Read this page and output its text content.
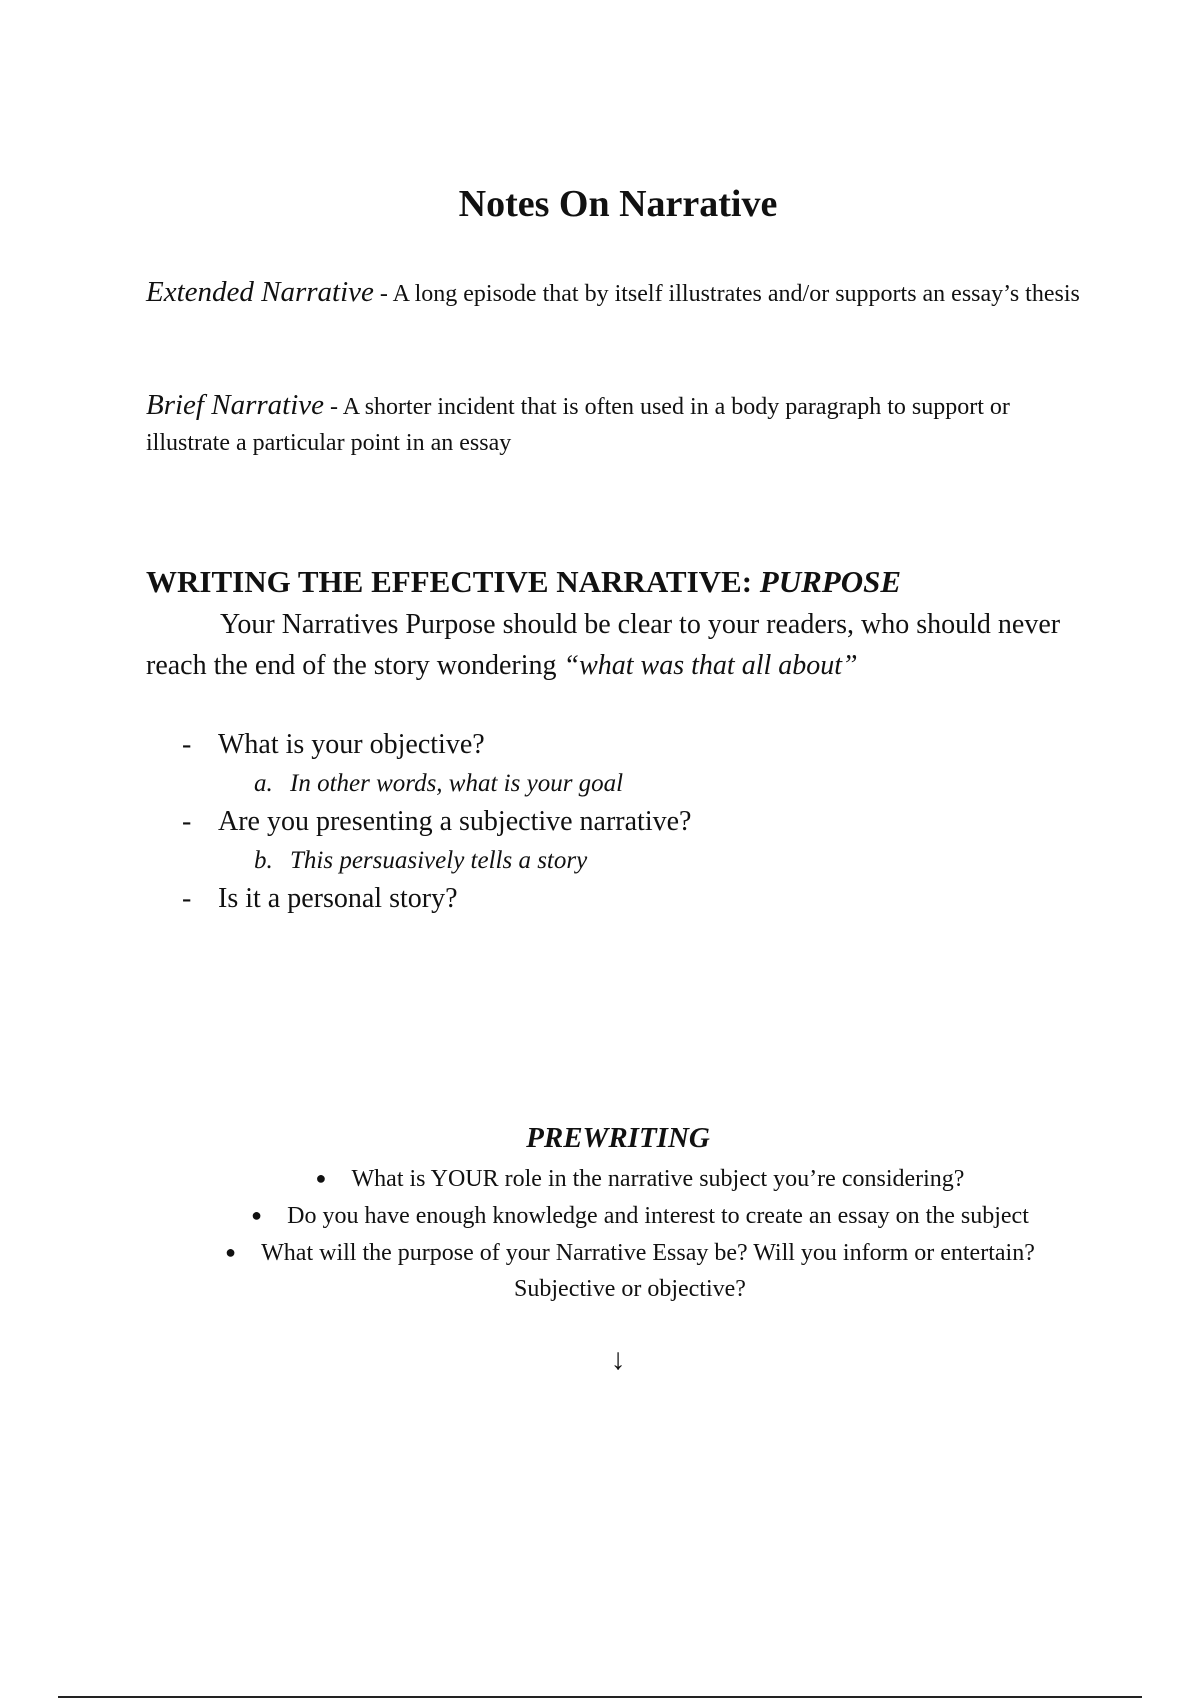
Notes On Narrative

Extended Narrative - A long episode that by itself illustrates and/or supports an essay’s thesis

Brief Narrative - A shorter incident that is often used in a body paragraph to support or illustrate a particular point in an essay

WRITING THE EFFECTIVE NARRATIVE: PURPOSE

Your Narratives Purpose should be clear to your readers, who should never reach the end of the story wondering “what was that all about”

- What is your objective?
a. In other words, what is your goal
- Are you presenting a subjective narrative?
b. This persuasively tells a story
- Is it a personal story?
PREWRITING
● What is YOUR role in the narrative subject you’re considering?
● Do you have enough knowledge and interest to create an essay on the subject
● What will the purpose of your Narrative Essay be? Will you inform or entertain? Subjective or objective?
↓
